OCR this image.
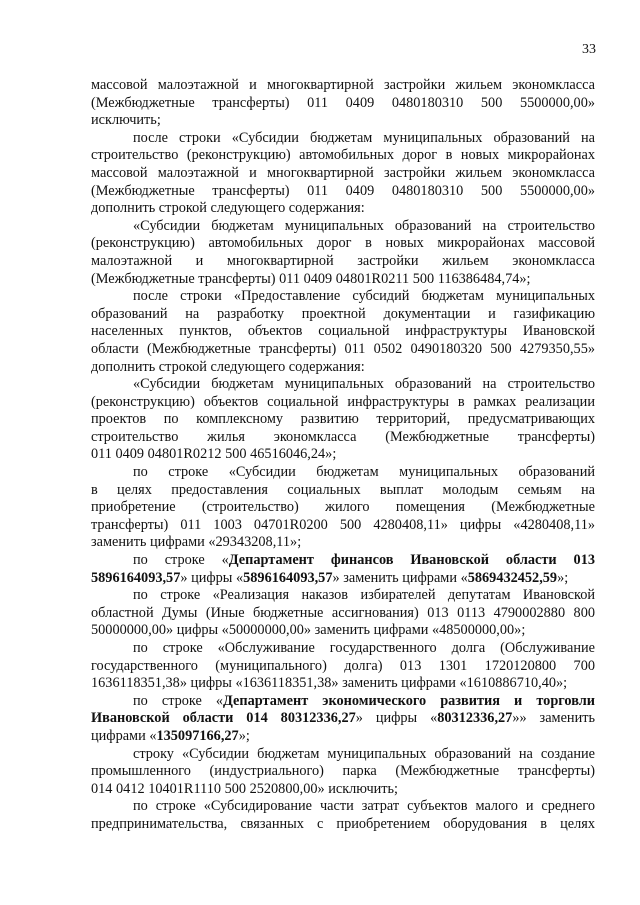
33
массовой малоэтажной и многоквартирной застройки жильем экономкласса
(Межбюджетные трансферты) 011 0409 0480180310 500 5500000,00»
исключить;
после строки «Субсидии бюджетам муниципальных образований на
строительство (реконструкцию) автомобильных дорог в новых микрорайонах
массовой малоэтажной и многоквартирной застройки жильем экономкласса
(Межбюджетные трансферты) 011 0409 0480180310 500 5500000,00»
дополнить строкой следующего содержания:
«Субсидии бюджетам муниципальных образований на строительство
(реконструкцию) автомобильных дорог в новых микрорайонах массовой
малоэтажной и многоквартирной застройки жильем экономкласса
(Межбюджетные трансферты) 011 0409 04801R0211 500 116386484,74»;
после строки «Предоставление субсидий бюджетам муниципальных
образований на разработку проектной документации и газификацию
населенных пунктов, объектов социальной инфраструктуры Ивановской
области (Межбюджетные трансферты) 011 0502 0490180320 500 4279350,55»
дополнить строкой следующего содержания:
«Субсидии бюджетам муниципальных образований на строительство
(реконструкцию) объектов социальной инфраструктуры в рамках реализации
проектов по комплексному развитию территорий, предусматривающих
строительство жилья экономкласса (Межбюджетные трансферты)
011 0409 04801R0212 500 46516046,24»;
по строке «Субсидии бюджетам муниципальных образований
в целях предоставления социальных выплат молодым семьям на
приобретение (строительство) жилого помещения (Межбюджетные
трансферты) 011 1003 04701R0200 500 4280408,11» цифры «4280408,11»
заменить цифрами «29343208,11»;
по строке «Департамент финансов Ивановской области 013
5896164093,57» цифры «5896164093,57» заменить цифрами «5869432452,59»;
по строке «Реализация наказов избирателей депутатам Ивановской
областной Думы (Иные бюджетные ассигнования) 013 0113 4790002880 800
50000000,00» цифры «50000000,00» заменить цифрами «48500000,00»;
по строке «Обслуживание государственного долга (Обслуживание
государственного (муниципального) долга) 013 1301 1720120800 700
1636118351,38» цифры «1636118351,38» заменить цифрами «1610886710,40»;
по строке «Департамент экономического развития и торговли
Ивановской области 014 80312336,27» цифры «80312336,27»» заменить
цифрами «135097166,27»;
строку «Субсидии бюджетам муниципальных образований на создание
промышленного (индустриального) парка (Межбюджетные трансферты)
014 0412 10401R1110 500 2520800,00» исключить;
по строке «Субсидирование части затрат субъектов малого и среднего
предпринимательства, связанных с приобретением оборудования в целях
